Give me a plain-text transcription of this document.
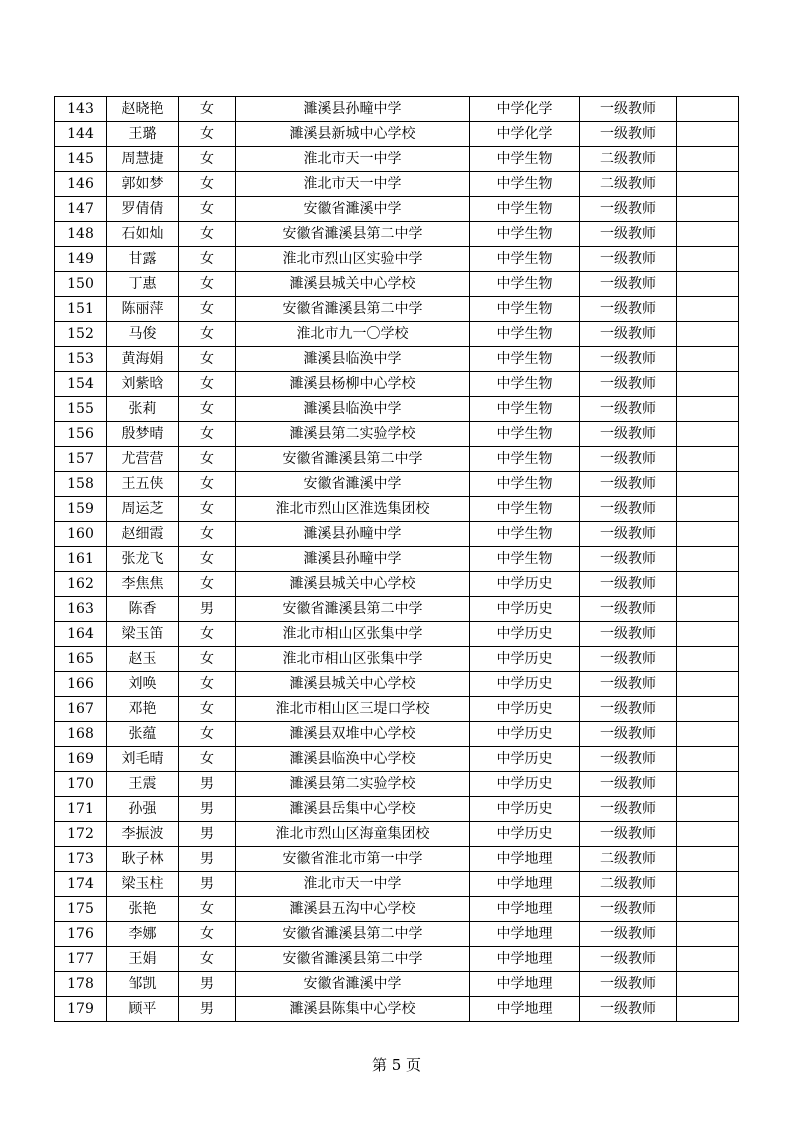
143	赵晓艳	女	濉溪县孙疃中学	中学化学	一级教师	
144	王璐	女	濉溪县新城中心学校	中学化学	一级教师	
145	周慧捷	女	淮北市天一中学	中学生物	二级教师	
146	郭如梦	女	淮北市天一中学	中学生物	二级教师	
147	罗倩倩	女	安徽省濉溪中学	中学生物	一级教师	
148	石如灿	女	安徽省濉溪县第二中学	中学生物	一级教师	
149	甘露	女	淮北市烈山区实验中学	中学生物	一级教师	
150	丁惠	女	濉溪县城关中心学校	中学生物	一级教师	
151	陈丽萍	女	安徽省濉溪县第二中学	中学生物	一级教师	
152	马俊	女	淮北市九一〇学校	中学生物	一级教师	
153	黄海娟	女	濉溪县临涣中学	中学生物	一级教师	
154	刘紫晗	女	濉溪县杨柳中心学校	中学生物	一级教师	
155	张莉	女	濉溪县临涣中学	中学生物	一级教师	
156	殷梦晴	女	濉溪县第二实验学校	中学生物	一级教师	
157	尤营营	女	安徽省濉溪县第二中学	中学生物	一级教师	
158	王五侠	女	安徽省濉溪中学	中学生物	一级教师	
159	周运芝	女	淮北市烈山区淮选集团校	中学生物	一级教师	
160	赵细霞	女	濉溪县孙疃中学	中学生物	一级教师	
161	张龙飞	女	濉溪县孙疃中学	中学生物	一级教师	
162	李焦焦	女	濉溪县城关中心学校	中学历史	一级教师	
163	陈香	男	安徽省濉溪县第二中学	中学历史	一级教师	
164	梁玉笛	女	淮北市相山区张集中学	中学历史	一级教师	
165	赵玉	女	淮北市相山区张集中学	中学历史	一级教师	
166	刘唤	女	濉溪县城关中心学校	中学历史	一级教师	
167	邓艳	女	淮北市相山区三堤口学校	中学历史	一级教师	
168	张蕴	女	濉溪县双堆中心学校	中学历史	一级教师	
169	刘毛晴	女	濉溪县临涣中心学校	中学历史	一级教师	
170	王震	男	濉溪县第二实验学校	中学历史	一级教师	
171	孙强	男	濉溪县岳集中心学校	中学历史	一级教师	
172	李振波	男	淮北市烈山区海童集团校	中学历史	一级教师	
173	耿子林	男	安徽省淮北市第一中学	中学地理	二级教师	
174	梁玉柱	男	淮北市天一中学	中学地理	二级教师	
175	张艳	女	濉溪县五沟中心学校	中学地理	一级教师	
176	李娜	女	安徽省濉溪县第二中学	中学地理	一级教师	
177	王娟	女	安徽省濉溪县第二中学	中学地理	一级教师	
178	邹凯	男	安徽省濉溪中学	中学地理	一级教师	
179	顾平	男	濉溪县陈集中心学校	中学地理	一级教师	
第 5 页
